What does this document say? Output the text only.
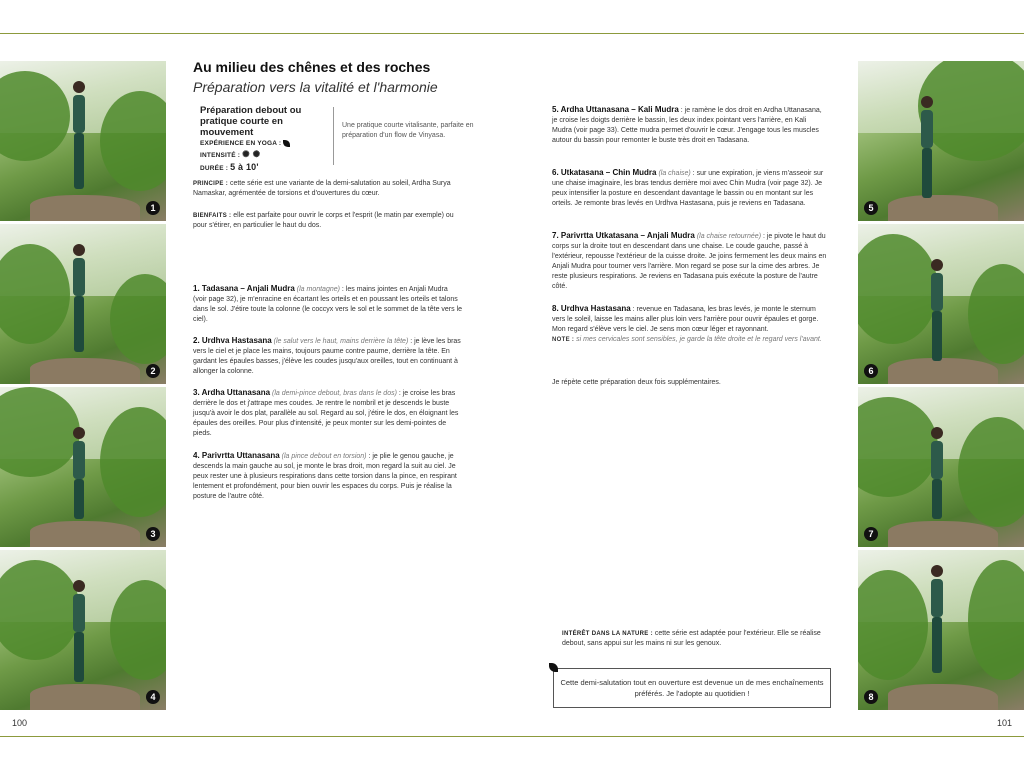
1
2
3
4
5
6
7
8
Au milieu des chênes et des roches
Préparation vers la vitalité et l'harmonie
Préparation debout ou pratique courte en mouvement
EXPÉRIENCE EN YOGA :
INTENSITÉ : ✺ ✺
DURÉE : 5 à 10'
Une pratique courte vitalisante, parfaite en préparation d'un flow de Vinyasa.
PRINCIPE : cette série est une variante de la demi-salutation au soleil, Ardha Surya Namaskar, agrémentée de torsions et d'ouvertures du cœur.
BIENFAITS : elle est parfaite pour ouvrir le corps et l'esprit (le matin par exemple) ou pour s'étirer, en particulier le haut du dos.
1. Tadasana – Anjali Mudra (la montagne) : les mains jointes en Anjali Mudra (voir page 32), je m'enracine en écartant les orteils et en poussant les orteils et talons dans le sol. J'étire toute la colonne (le coccyx vers le sol et le sommet de la tête vers le ciel).
2. Urdhva Hastasana (le salut vers le haut, mains derrière la tête) : je lève les bras vers le ciel et je place les mains, toujours paume contre paume, derrière la tête. En gardant les épaules basses, j'élève les coudes jusqu'aux oreilles, tout en continuant à allonger la colonne.
3. Ardha Uttanasana (la demi-pince debout, bras dans le dos) : je croise les bras derrière le dos et j'attrape mes coudes. Je rentre le nombril et je descends le buste jusqu'à avoir le dos plat, parallèle au sol. Regard au sol, j'étire le dos, en éloignant les épaules des oreilles. Pour plus d'intensité, je peux monter sur les demi-pointes de pieds.
4. Parivrtta Uttanasana (la pince debout en torsion) : je plie le genou gauche, je descends la main gauche au sol, je monte le bras droit, mon regard la suit au ciel. Je peux rester une à plusieurs respirations dans cette torsion dans la pince, en respirant lentement et profondément, pour bien ouvrir les espaces du corps. Puis je réalise la posture de l'autre côté.
5. Ardha Uttanasana – Kali Mudra : je ramène le dos droit en Ardha Uttanasana, je croise les doigts derrière le bassin, les deux index pointant vers l'arrière, en Kali Mudra (voir page 33). Cette mudra permet d'ouvrir le cœur. J'engage tous les muscles autour du bassin pour remonter le buste très droit en Tadasana.
6. Utkatasana – Chin Mudra (la chaise) : sur une expiration, je viens m'asseoir sur une chaise imaginaire, les bras tendus derrière moi avec Chin Mudra (voir page 32). Je peux intensifier la posture en descendant davantage le bassin ou en montant sur les orteils. Je remonte bras levés en Urdhva Hastasana, puis je reviens en Tadasana.
7. Parivrtta Utkatasana – Anjali Mudra (la chaise retournée) : je pivote le haut du corps sur la droite tout en descendant dans une chaise. Le coude gauche, passé à l'extérieur, repousse l'extérieur de la cuisse droite. Je joins fermement les deux mains en Anjali Mudra pour tourner vers l'arrière. Mon regard se pose sur la cime des arbres. Je reste plusieurs respirations. Je reviens en Tadasana puis exécute la posture de l'autre côté.
8. Urdhva Hastasana : revenue en Tadasana, les bras levés, je monte le sternum vers le soleil, laisse les mains aller plus loin vers l'arrière pour ouvrir épaules et gorge. Mon regard s'élève vers le ciel. Je sens mon cœur léger et rayonnant.
NOTE : si mes cervicales sont sensibles, je garde la tête droite et le regard vers l'avant.
Je répète cette préparation deux fois supplémentaires.
INTÉRÊT DANS LA NATURE : cette série est adaptée pour l'extérieur. Elle se réalise debout, sans appui sur les mains ni sur les genoux.
Cette demi-salutation tout en ouverture est devenue un de mes enchaînements préférés. Je l'adopte au quotidien !
100	101
